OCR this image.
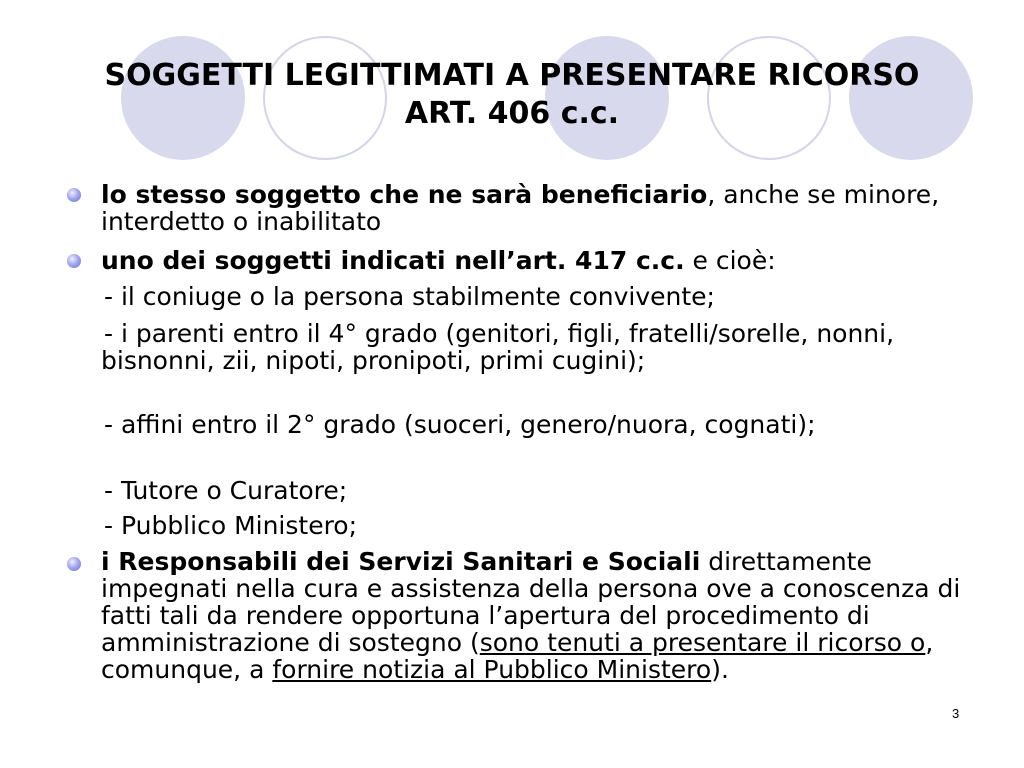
SOGGETTI LEGITTIMATI A PRESENTARE RICORSO
ART. 406 c.c.

lo stesso soggetto che ne sarà beneficiario, anche se minore, interdetto o inabilitato

uno dei soggetti indicati nell’art. 417 c.c. e cioè:

- il coniuge o la persona stabilmente convivente;

- i parenti entro il 4° grado (genitori, figli, fratelli/sorelle, nonni, bisnonni, zii, nipoti, pronipoti, primi cugini);

- affini entro il 2° grado (suoceri, genero/nuora, cognati);

- Tutore o Curatore;

- Pubblico Ministero;

i Responsabili dei Servizi Sanitari e Sociali direttamente impegnati nella cura e assistenza della persona ove a conoscenza di fatti tali da rendere opportuna l’apertura del procedimento di amministrazione di sostegno (sono tenuti a presentare il ricorso o, comunque, a fornire notizia al Pubblico Ministero).

3
